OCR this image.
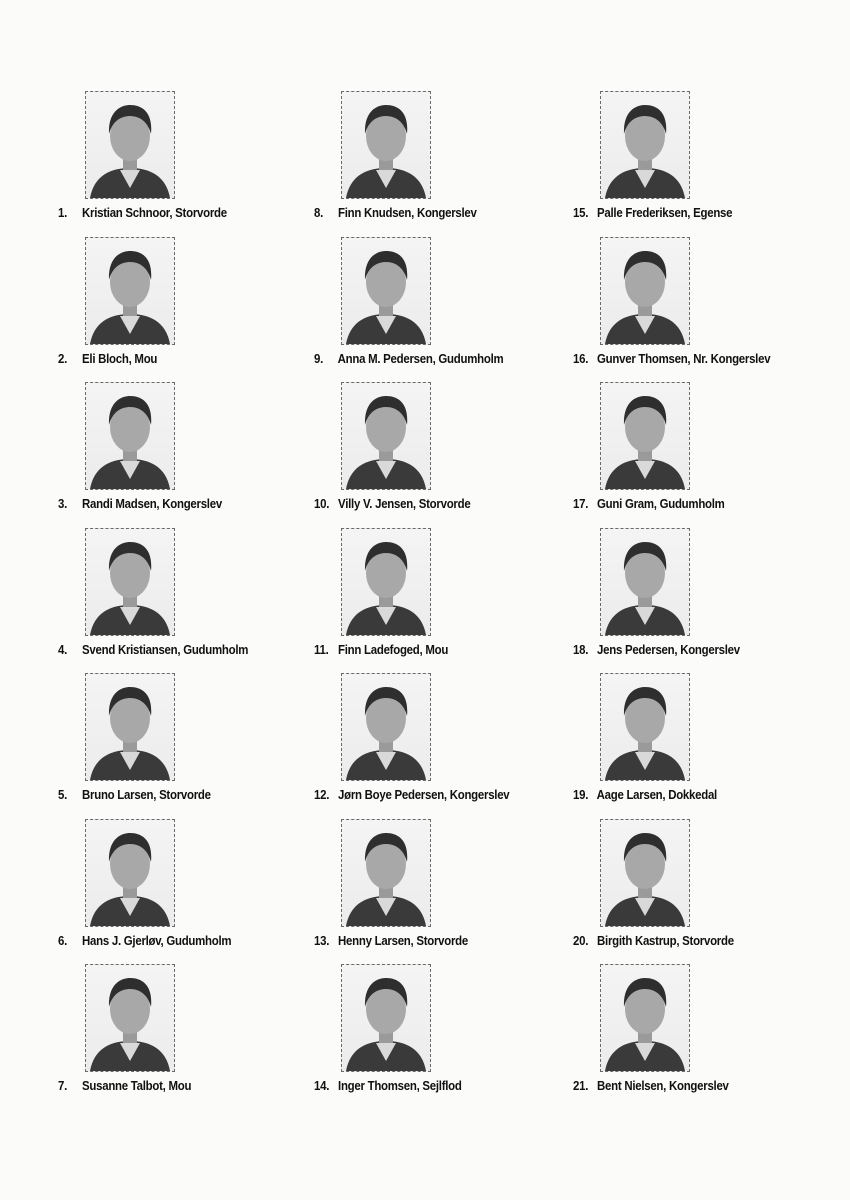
1. Kristian Schnoor, Storvorde
2. Eli Bloch, Mou
3. Randi Madsen, Kongerslev
4. Svend Kristiansen, Gudumholm
5. Bruno Larsen, Storvorde
6. Hans J. Gjerløv, Gudumholm
7. Susanne Talbot, Mou
8. Finn Knudsen, Kongerslev
9. Anna M. Pedersen, Gudumholm
10. Villy V. Jensen, Storvorde
11. Finn Ladefoged, Mou
12. Jørn Boye Pedersen, Kongerslev
13. Henny Larsen, Storvorde
14. Inger Thomsen, Sejlflod
15. Palle Frederiksen, Egense
16. Gunver Thomsen, Nr. Kongerslev
17. Guni Gram, Gudumholm
18. Jens Pedersen, Kongerslev
19. Aage Larsen, Dokkedal
20. Birgith Kastrup, Storvorde
21. Bent Nielsen, Kongerslev
